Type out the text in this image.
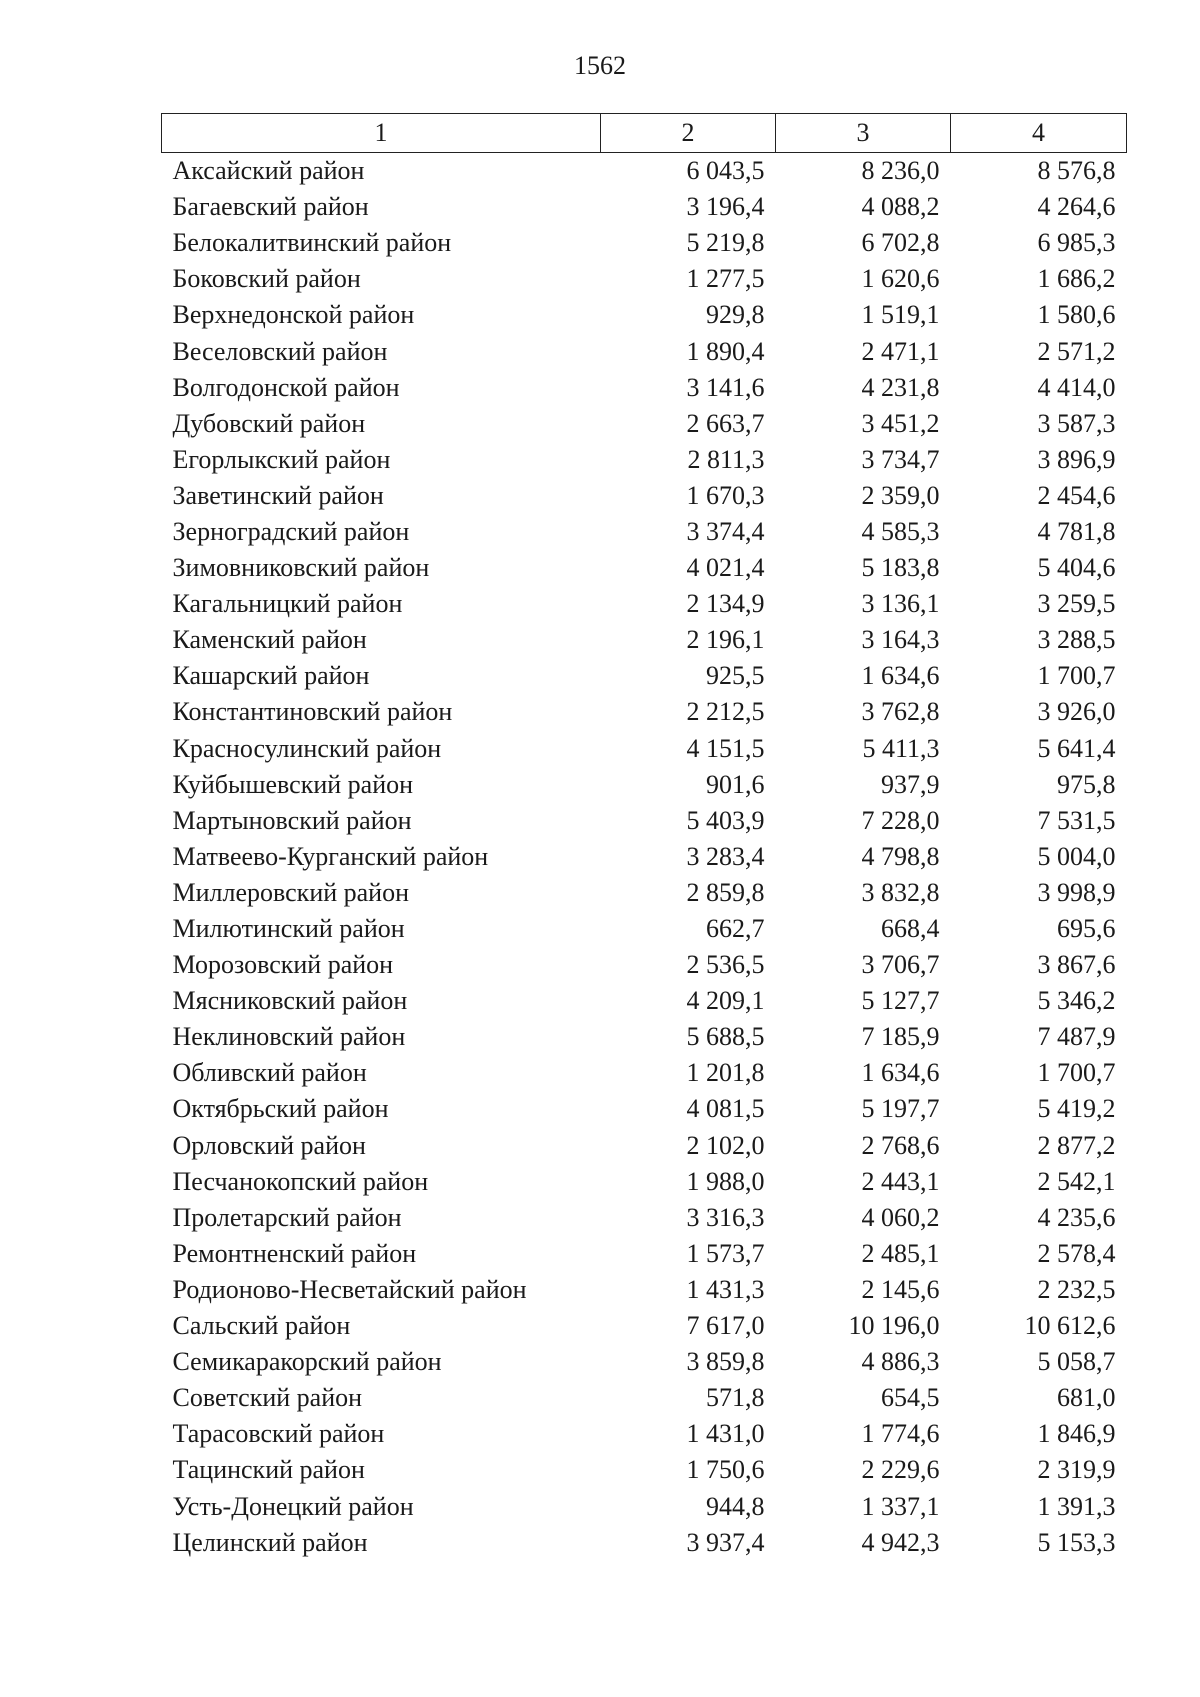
1562
1	2	3	4
Аксайский район	6 043,5	8 236,0	8 576,8
Багаевский район	3 196,4	4 088,2	4 264,6
Белокалитвинский район	5 219,8	6 702,8	6 985,3
Боковский район	1 277,5	1 620,6	1 686,2
Верхнедонской район	929,8	1 519,1	1 580,6
Веселовский район	1 890,4	2 471,1	2 571,2
Волгодонской район	3 141,6	4 231,8	4 414,0
Дубовский район	2 663,7	3 451,2	3 587,3
Егорлыкский район	2 811,3	3 734,7	3 896,9
Заветинский район	1 670,3	2 359,0	2 454,6
Зерноградский район	3 374,4	4 585,3	4 781,8
Зимовниковский район	4 021,4	5 183,8	5 404,6
Кагальницкий район	2 134,9	3 136,1	3 259,5
Каменский район	2 196,1	3 164,3	3 288,5
Кашарский район	925,5	1 634,6	1 700,7
Константиновский район	2 212,5	3 762,8	3 926,0
Красносулинский район	4 151,5	5 411,3	5 641,4
Куйбышевский район	901,6	937,9	975,8
Мартыновский район	5 403,9	7 228,0	7 531,5
Матвеево-Курганский район	3 283,4	4 798,8	5 004,0
Миллеровский район	2 859,8	3 832,8	3 998,9
Милютинский район	662,7	668,4	695,6
Морозовский район	2 536,5	3 706,7	3 867,6
Мясниковский район	4 209,1	5 127,7	5 346,2
Неклиновский район	5 688,5	7 185,9	7 487,9
Обливский район	1 201,8	1 634,6	1 700,7
Октябрьский район	4 081,5	5 197,7	5 419,2
Орловский район	2 102,0	2 768,6	2 877,2
Песчанокопский район	1 988,0	2 443,1	2 542,1
Пролетарский район	3 316,3	4 060,2	4 235,6
Ремонтненский район	1 573,7	2 485,1	2 578,4
Родионово-Несветайский район	1 431,3	2 145,6	2 232,5
Сальский район	7 617,0	10 196,0	10 612,6
Семикаракорский район	3 859,8	4 886,3	5 058,7
Советский район	571,8	654,5	681,0
Тарасовский район	1 431,0	1 774,6	1 846,9
Тацинский район	1 750,6	2 229,6	2 319,9
Усть-Донецкий район	944,8	1 337,1	1 391,3
Целинский район	3 937,4	4 942,3	5 153,3
